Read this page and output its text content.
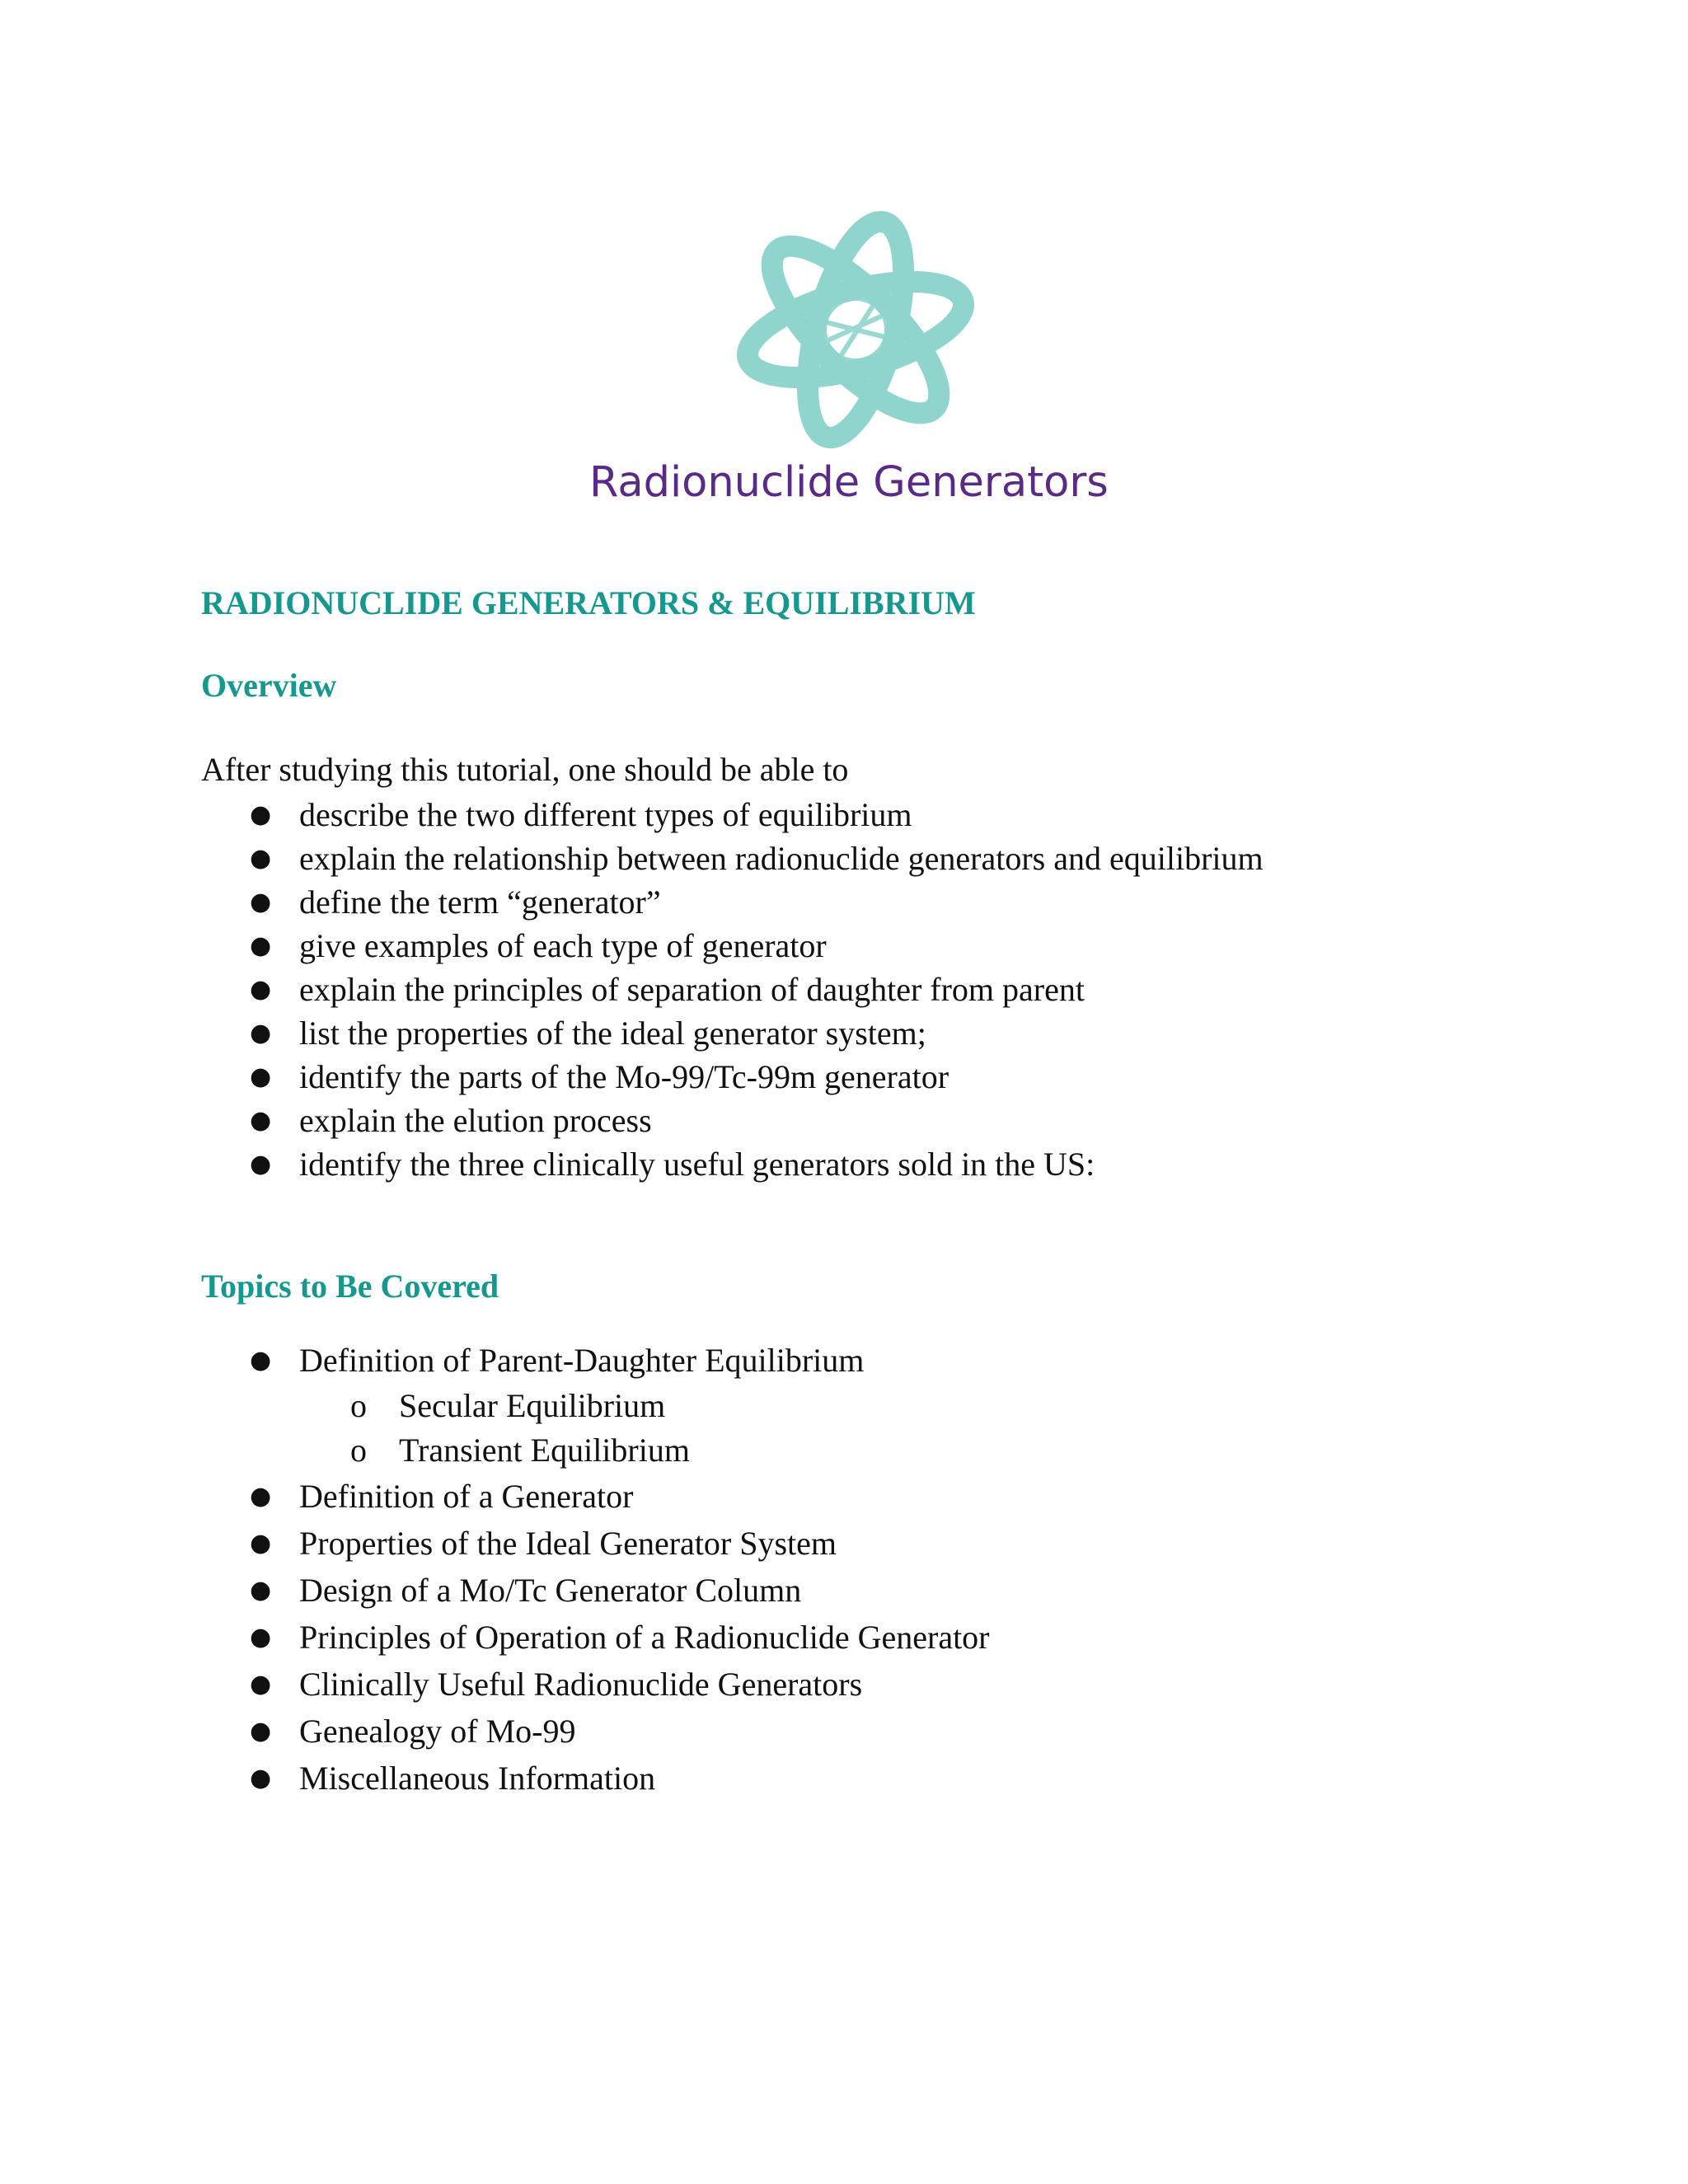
Radionuclide Generators
RADIONUCLIDE GENERATORS & EQUILIBRIUM
Overview
After studying this tutorial, one should be able to
● describe the two different types of equilibrium
● explain the relationship between radionuclide generators and equilibrium
● define the term “generator”
● give examples of each type of generator
● explain the principles of separation of daughter from parent
● list the properties of the ideal generator system;
● identify the parts of the Mo-99/Tc-99m generator
● explain the elution process
● identify the three clinically useful generators sold in the US:
Topics to Be Covered
● Definition of Parent-Daughter Equilibrium
o Secular Equilibrium
o Transient Equilibrium
● Definition of a Generator
● Properties of the Ideal Generator System
● Design of a Mo/Tc Generator Column
● Principles of Operation of a Radionuclide Generator
● Clinically Useful Radionuclide Generators
● Genealogy of Mo-99
● Miscellaneous Information
